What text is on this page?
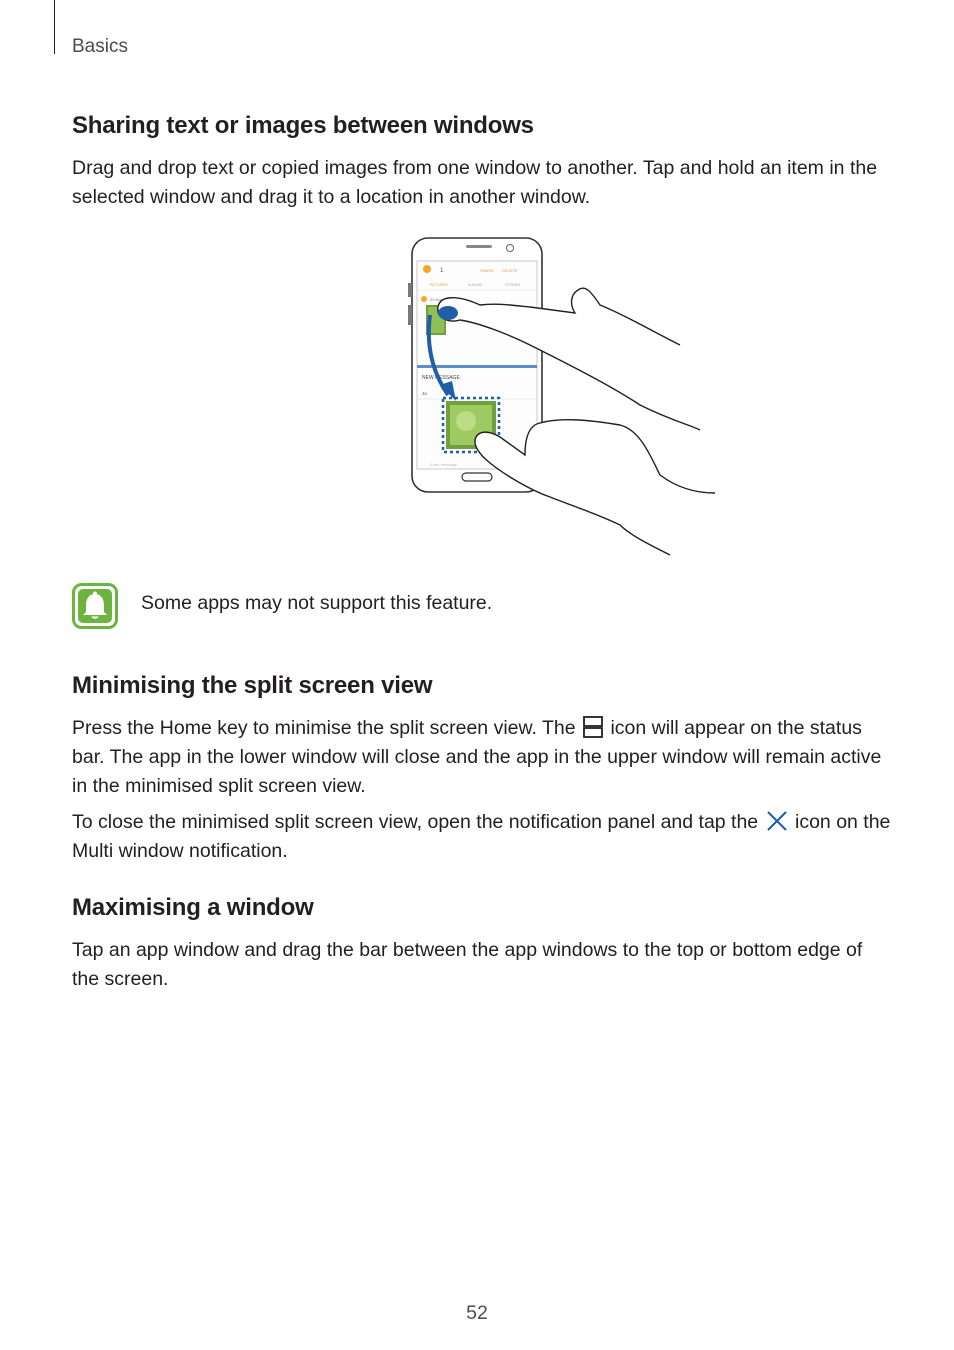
Basics
Sharing text or images between windows

Drag and drop text or copied images from one window to another. Tap and hold an item in the selected window and drag it to a location in another window.

1	SHARE DELETE
PICTURES	ALBUMS	STORIES
23 Nov
NEW MESSAGE
Jo
Enter message
Some apps may not support this feature.
Minimising the split screen view

Press the Home key to minimise the split screen view. The icon will appear on the status bar. The app in the lower window will close and the app in the upper window will remain active in the minimised split screen view.

To close the minimised split screen view, open the notification panel and tap the icon on the Multi window notification.

Maximising a window

Tap an app window and drag the bar between the app windows to the top or bottom edge of the screen.

52
